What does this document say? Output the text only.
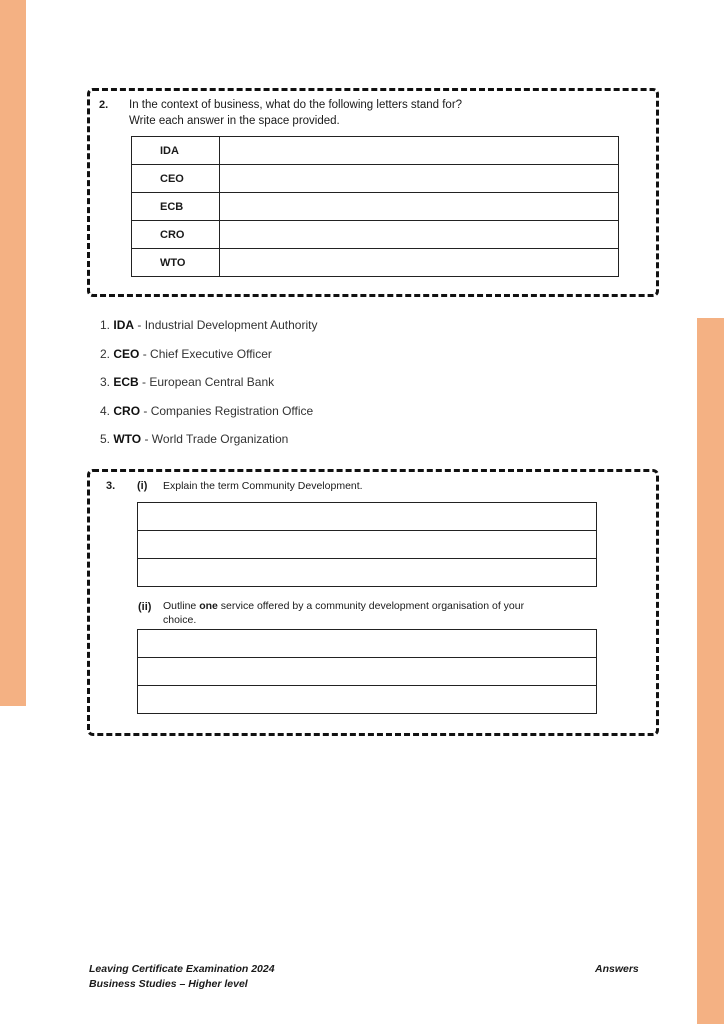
2. In the context of business, what do the following letters stand for?
Write each answer in the space provided.
IDA	
CEO	
ECB	
CRO	
WTO	
1. IDA - Industrial Development Authority
2. CEO - Chief Executive Officer
3. ECB - European Central Bank
4. CRO - Companies Registration Office
5. WTO - World Trade Organization
3. (i) Explain the term Community Development.

(ii) Outline one service offered by a community development organisation of your
choice.

Leaving Certificate Examination 2024
Business Studies – Higher level
Answers
